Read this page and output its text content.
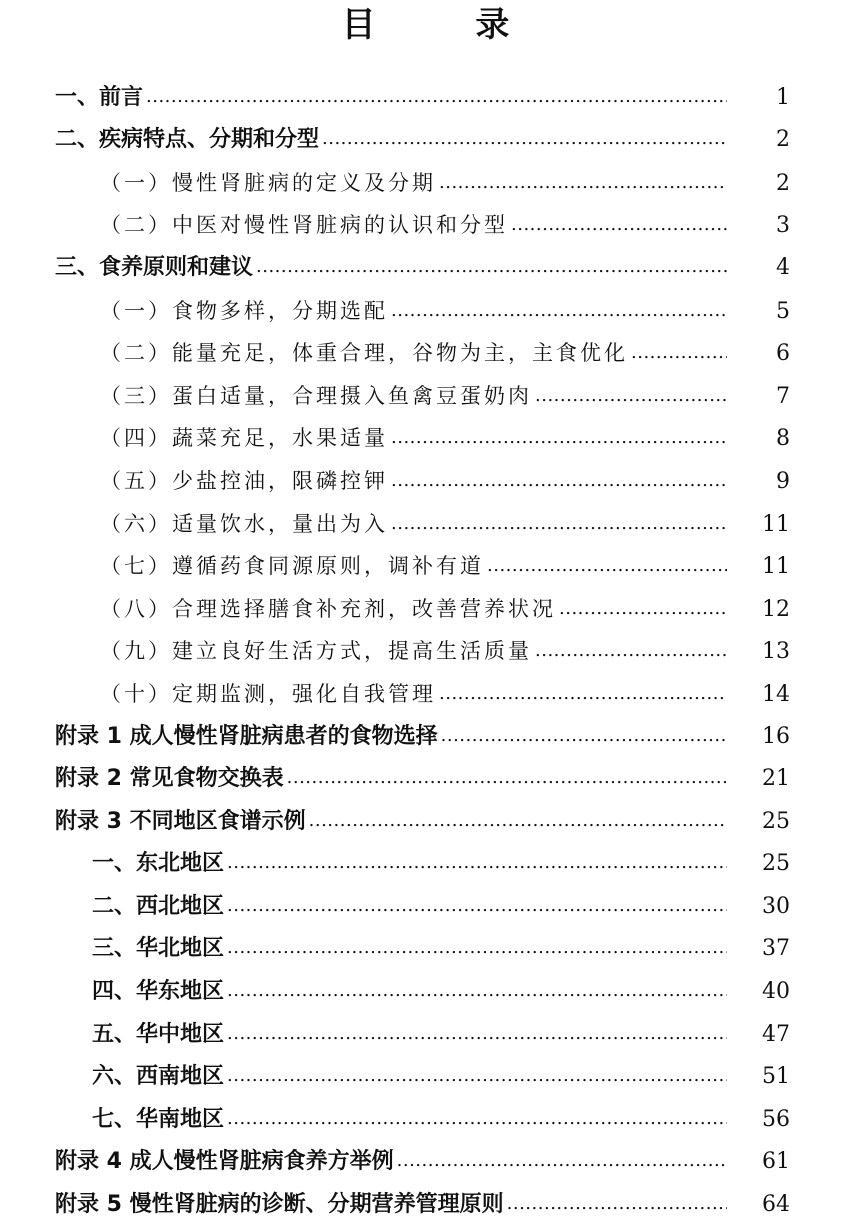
目 录
一、前言 .....	1
二、疾病特点、分期和分型 .....	2
（一）慢性肾脏病的定义及分期 .....	2
（二）中医对慢性肾脏病的认识和分型 .....	3
三、食养原则和建议 .....	4
（一）食物多样，分期选配 .....	5
（二）能量充足，体重合理，谷物为主，主食优化 .....	6
（三）蛋白适量，合理摄入鱼禽豆蛋奶肉 .....	7
（四）蔬菜充足，水果适量 .....	8
（五）少盐控油，限磷控钾 .....	9
（六）适量饮水，量出为入 .....	11
（七）遵循药食同源原则，调补有道 .....	11
（八）合理选择膳食补充剂，改善营养状况 .....	12
（九）建立良好生活方式，提高生活质量 .....	13
（十）定期监测，强化自我管理 .....	14
附录 1 成人慢性肾脏病患者的食物选择 .....	16
附录 2 常见食物交换表 .....	21
附录 3 不同地区食谱示例 .....	25
一、东北地区 .....	25
二、西北地区 .....	30
三、华北地区 .....	37
四、华东地区 .....	40
五、华中地区 .....	47
六、西南地区 .....	51
七、华南地区 .....	56
附录 4 成人慢性肾脏病食养方举例 .....	61
附录 5 慢性肾脏病的诊断、分期营养管理原则 .....	64
